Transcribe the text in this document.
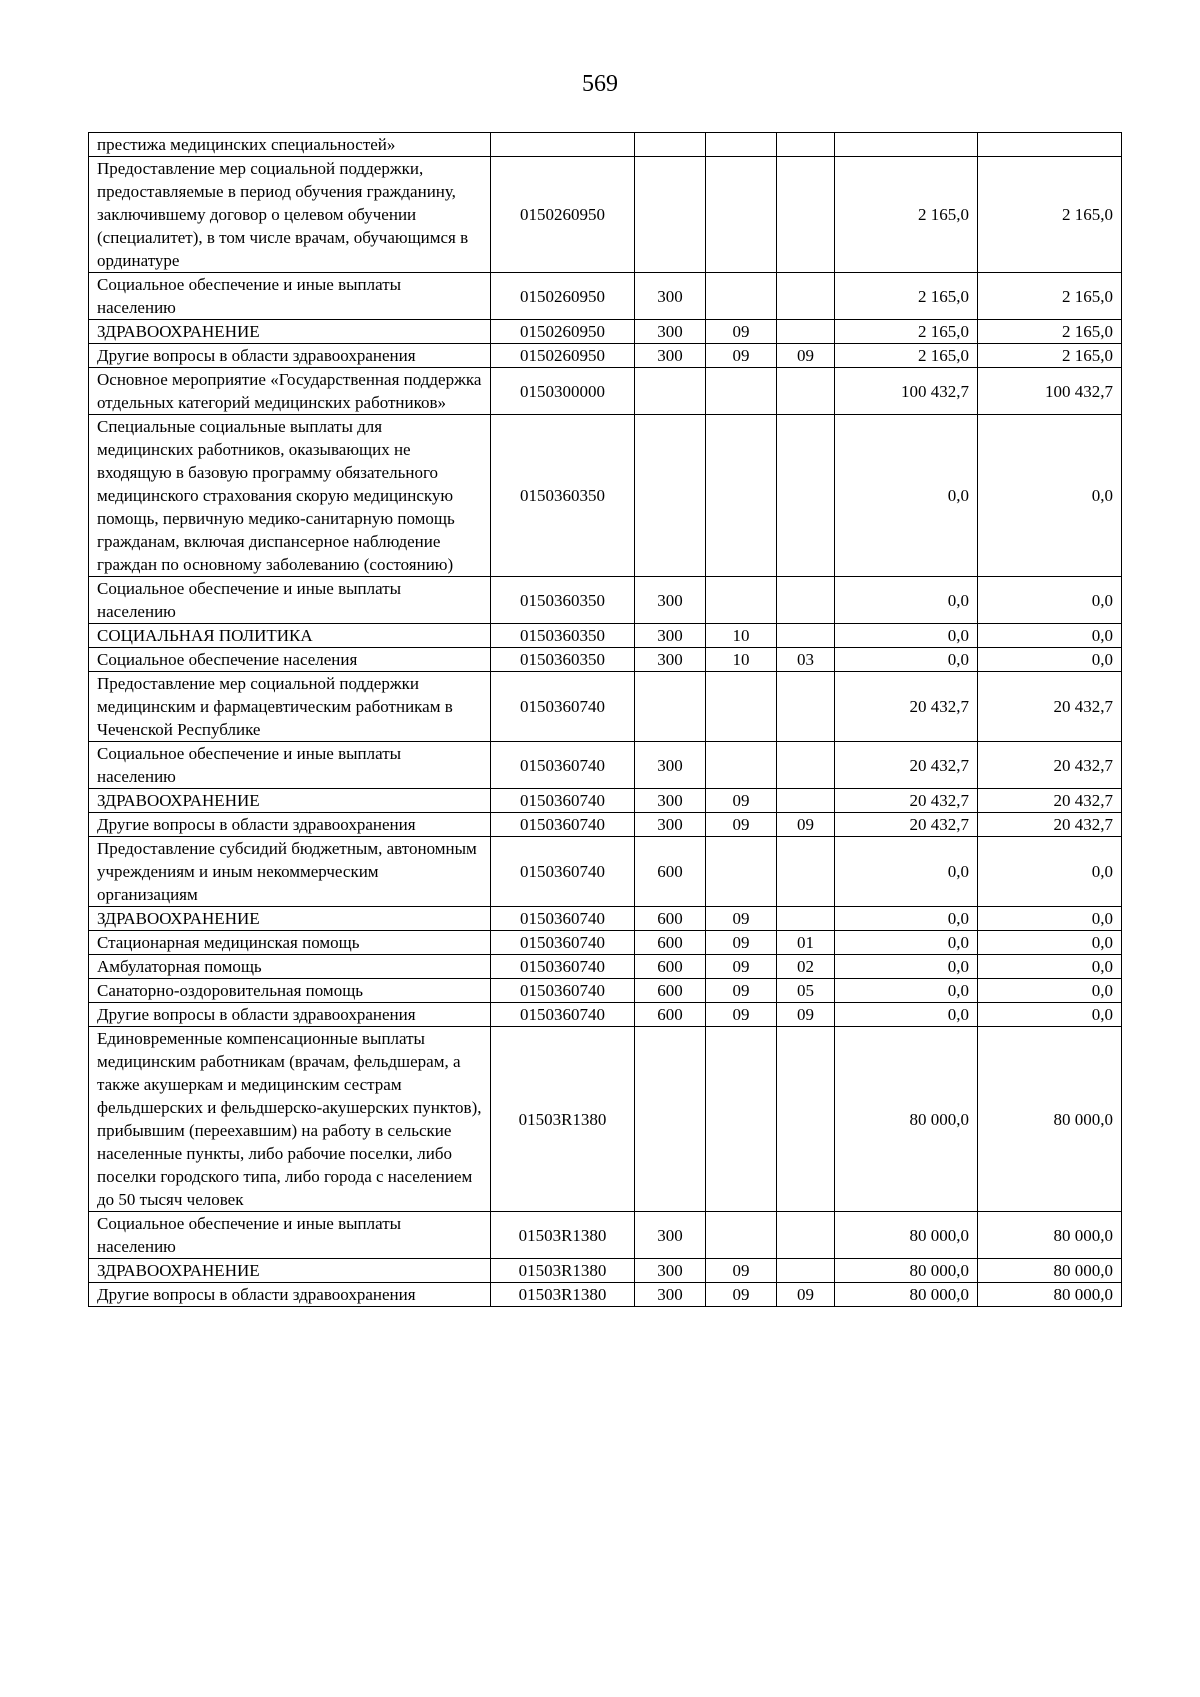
569
престижа медицинских специальностей»						
Предоставление мер социальной поддержки, предоставляемые в период обучения гражданину, заключившему договор о целевом обучении (специалитет), в том числе врачам, обучающимся в ординатуре	0150260950				2 165,0	2 165,0
Социальное обеспечение и иные выплаты населению	0150260950	300			2 165,0	2 165,0
ЗДРАВООХРАНЕНИЕ	0150260950	300	09		2 165,0	2 165,0
Другие вопросы в области здравоохранения	0150260950	300	09	09	2 165,0	2 165,0
Основное мероприятие «Государственная поддержка отдельных категорий медицинских работников»	0150300000				100 432,7	100 432,7
Специальные социальные выплаты для медицинских работников, оказывающих не входящую в базовую программу обязательного медицинского страхования скорую медицинскую помощь, первичную медико-санитарную помощь гражданам, включая диспансерное наблюдение граждан по основному заболеванию (состоянию)	0150360350				0,0	0,0
Социальное обеспечение и иные выплаты населению	0150360350	300			0,0	0,0
СОЦИАЛЬНАЯ ПОЛИТИКА	0150360350	300	10		0,0	0,0
Социальное обеспечение населения	0150360350	300	10	03	0,0	0,0
Предоставление мер социальной поддержки медицинским и фармацевтическим работникам в Чеченской Республике	0150360740				20 432,7	20 432,7
Социальное обеспечение и иные выплаты населению	0150360740	300			20 432,7	20 432,7
ЗДРАВООХРАНЕНИЕ	0150360740	300	09		20 432,7	20 432,7
Другие вопросы в области здравоохранения	0150360740	300	09	09	20 432,7	20 432,7
Предоставление субсидий бюджетным, автономным учреждениям и иным некоммерческим организациям	0150360740	600			0,0	0,0
ЗДРАВООХРАНЕНИЕ	0150360740	600	09		0,0	0,0
Стационарная медицинская помощь	0150360740	600	09	01	0,0	0,0
Амбулаторная помощь	0150360740	600	09	02	0,0	0,0
Санаторно-оздоровительная помощь	0150360740	600	09	05	0,0	0,0
Другие вопросы в области здравоохранения	0150360740	600	09	09	0,0	0,0
Единовременные компенсационные выплаты медицинским работникам (врачам, фельдшерам, а также акушеркам и медицинским сестрам фельдшерских и фельдшерско-акушерских пунктов), прибывшим (переехавшим) на работу в сельские населенные пункты, либо рабочие поселки, либо поселки городского типа, либо города с населением до 50 тысяч человек	01503R1380				80 000,0	80 000,0
Социальное обеспечение и иные выплаты населению	01503R1380	300			80 000,0	80 000,0
ЗДРАВООХРАНЕНИЕ	01503R1380	300	09		80 000,0	80 000,0
Другие вопросы в области здравоохранения	01503R1380	300	09	09	80 000,0	80 000,0
